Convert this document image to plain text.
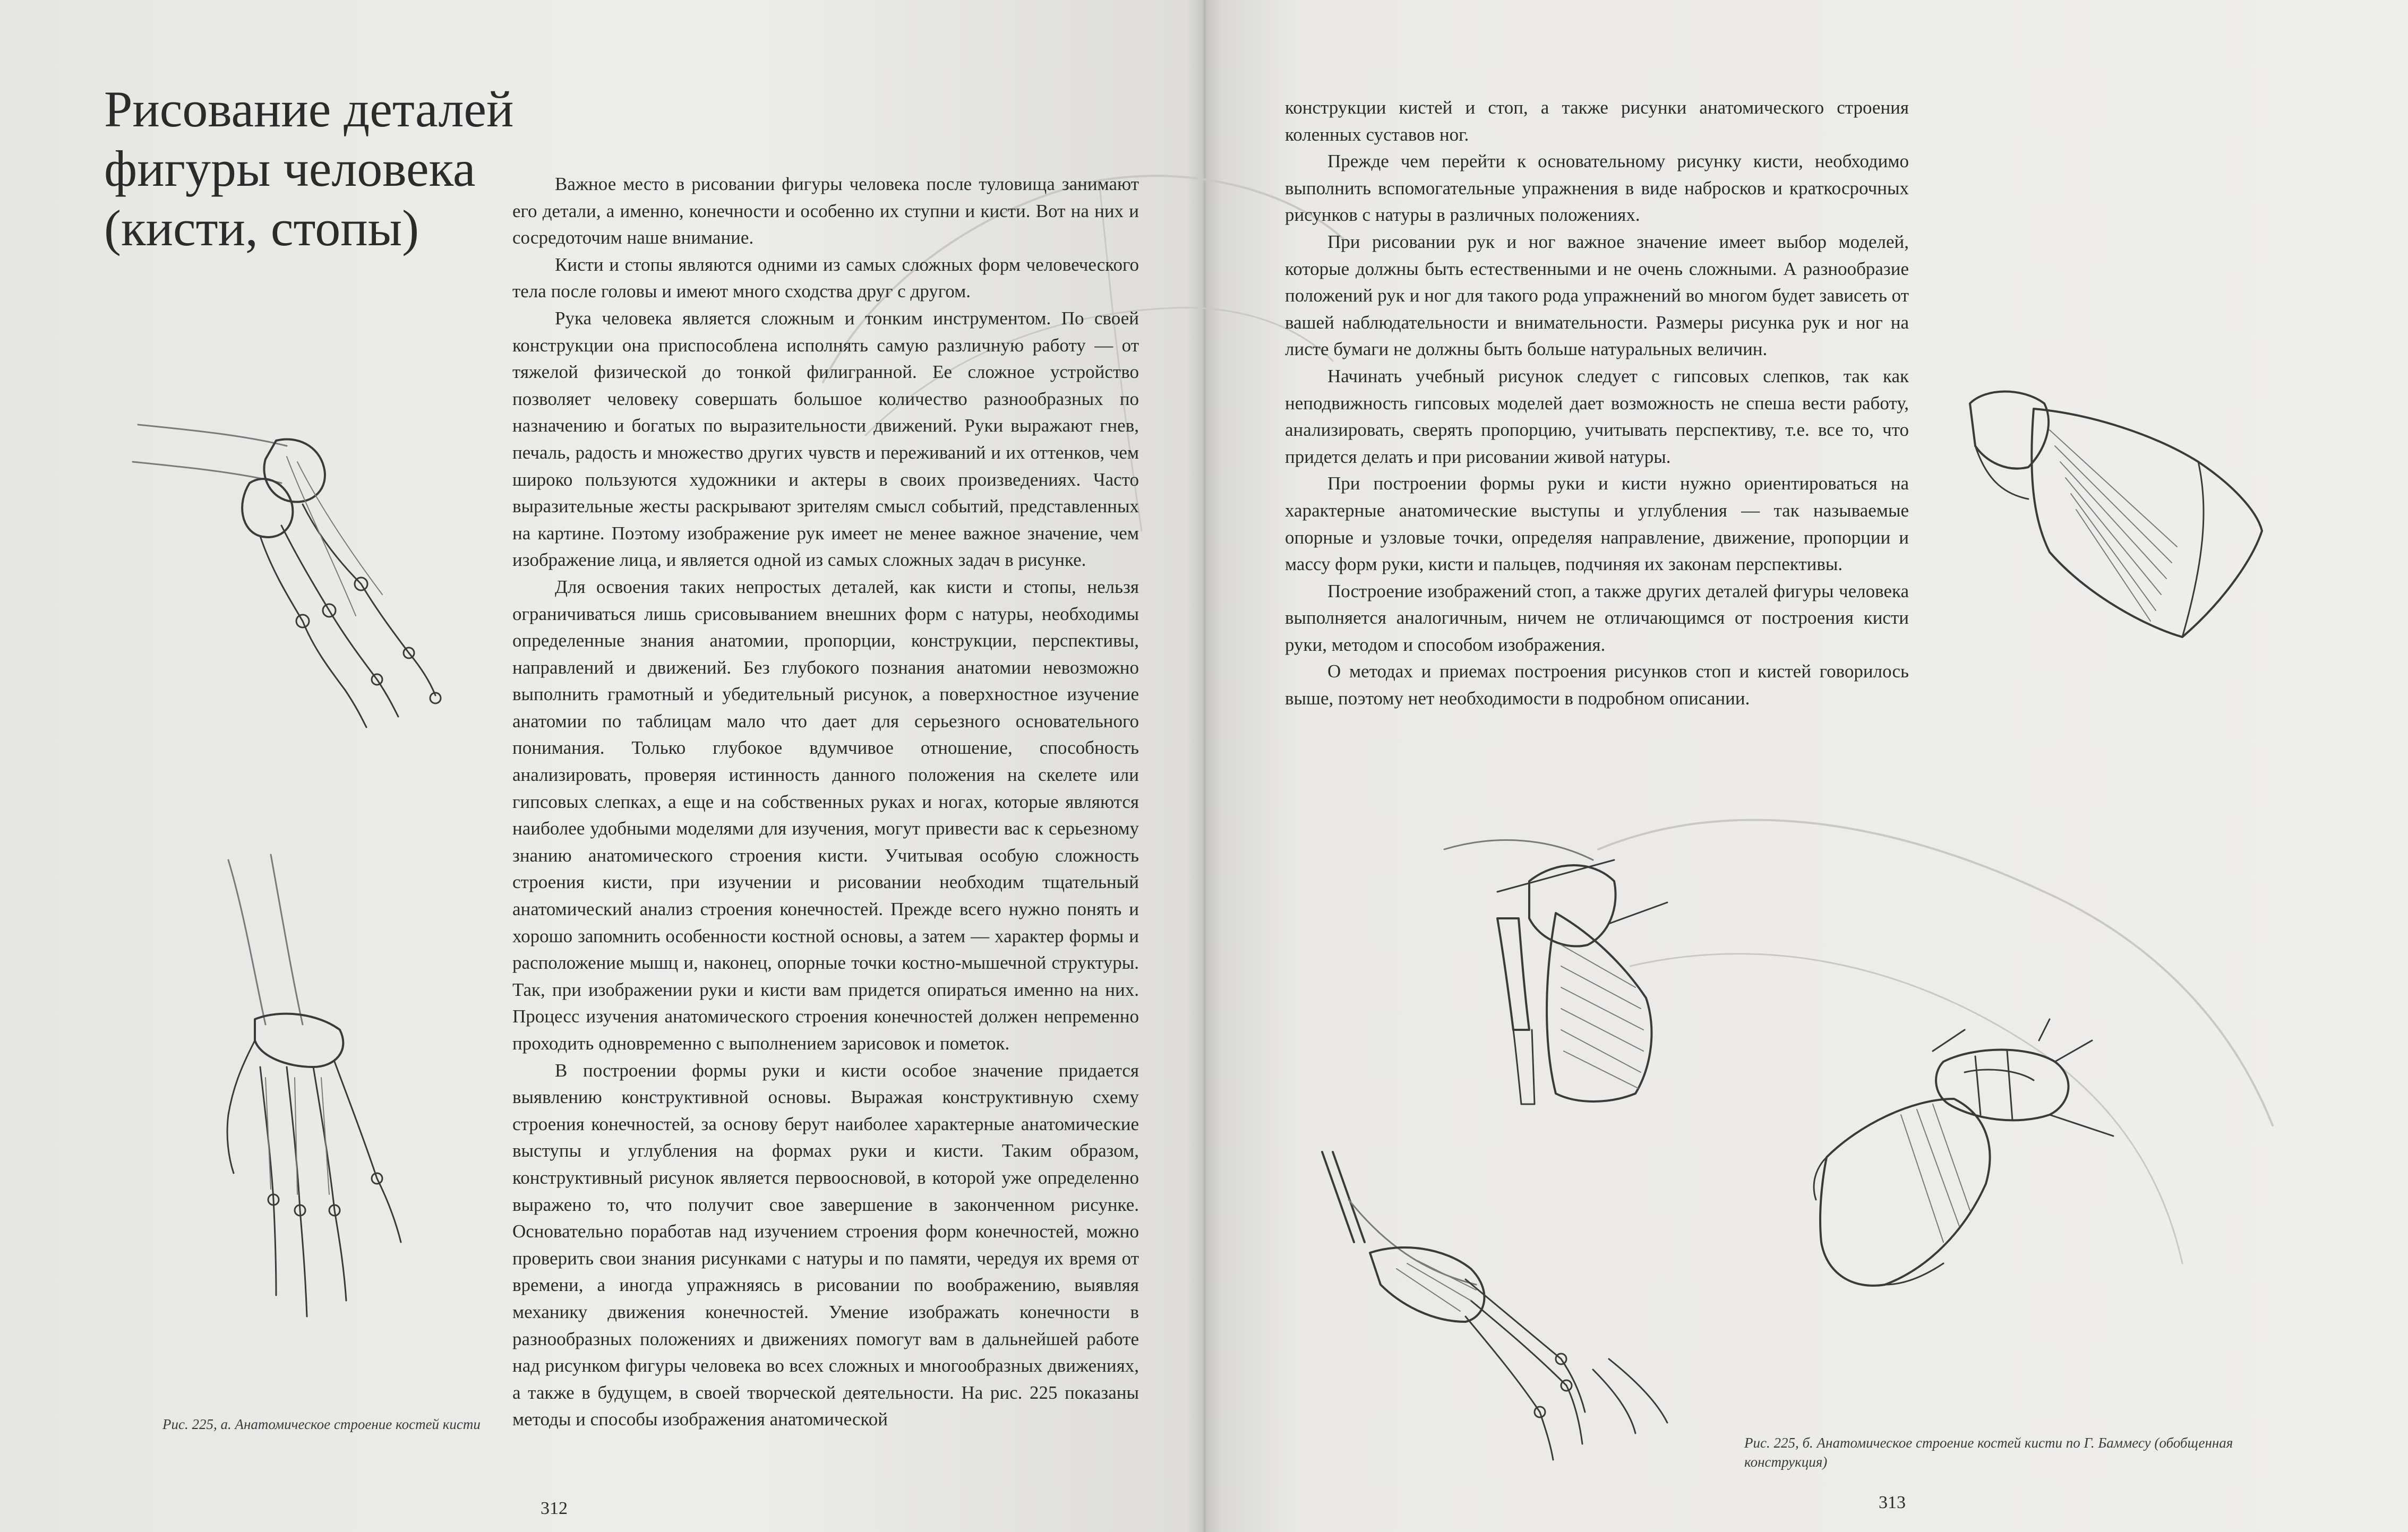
Рисование деталей
фигуры человека
(кисти, стопы)

Важное место в рисовании фигуры человека после туловища занимают его детали, а именно, конечности и особенно их ступни и кисти. Вот на них и сосредоточим наше внимание.

Кисти и стопы являются одними из самых сложных форм человеческого тела после головы и имеют много сходства друг с другом.

Рука человека является сложным и тонким инструментом. По своей конструкции она приспособлена исполнять самую различную работу — от тяжелой физической до тонкой филигранной. Ее сложное устройство позволяет человеку совершать большое количество разнообразных по назначению и богатых по выразительности движений. Руки выражают гнев, печаль, радость и множество других чувств и переживаний и их оттенков, чем широко пользуются художники и актеры в своих произведениях. Часто выразительные жесты раскрывают зрителям смысл событий, представленных на картине. Поэтому изображение рук имеет не менее важное значение, чем изображение лица, и является одной из самых сложных задач в рисунке.

Для освоения таких непростых деталей, как кисти и стопы, нельзя ограничиваться лишь срисовыванием внешних форм с натуры, необходимы определенные знания анатомии, пропорции, конструкции, перспективы, направлений и движений. Без глубокого познания анатомии невозможно выполнить грамотный и убедительный рисунок, а поверхностное изучение анатомии по таблицам мало что дает для серьезного основательного понимания. Только глубокое вдумчивое отношение, способность анализировать, проверяя истинность данного положения на скелете или гипсовых слепках, а еще и на собственных руках и ногах, которые являются наиболее удобными моделями для изучения, могут привести вас к серьезному знанию анатомического строения кисти. Учитывая особую сложность строения кисти, при изучении и рисовании необходим тщательный анатомический анализ строения конечностей. Прежде всего нужно понять и хорошо запомнить особенности костной основы, а затем — характер формы и расположение мышц и, наконец, опорные точки костно-мышечной структуры. Так, при изображении руки и кисти вам придется опираться именно на них. Процесс изучения анатомического строения конечностей должен непременно проходить одновременно с выполнением зарисовок и пометок.

В построении формы руки и кисти особое значение придается выявлению конструктивной основы. Выражая конструктивную схему строения конечностей, за основу берут наиболее характерные анатомические выступы и углубления на формах руки и кисти. Таким образом, конструктивный рисунок является первоосновой, в которой уже определенно выражено то, что получит свое завершение в законченном рисунке. Основательно поработав над изучением строения форм конечностей, можно проверить свои знания рисунками с натуры и по памяти, чередуя их время от времени, а иногда упражняясь в рисовании по воображению, выявляя механику движения конечностей. Умение изображать конечности в разнообразных положениях и движениях помогут вам в дальнейшей работе над рисунком фигуры человека во всех сложных и многообразных движениях, а также в будущем, в своей творческой деятельности. На рис. 225 показаны методы и способы изображения анатомической

Рис. 225, а. Анатомическое строение костей кисти
312

конструкции кистей и стоп, а также рисунки анатомического строения коленных суставов ног.

Прежде чем перейти к основательному рисунку кисти, необходимо выполнить вспомогательные упражнения в виде набросков и краткосрочных рисунков с натуры в различных положениях.

При рисовании рук и ног важное значение имеет выбор моделей, которые должны быть естественными и не очень сложными. А разнообразие положений рук и ног для такого рода упражнений во многом будет зависеть от вашей наблюдательности и внимательности. Размеры рисунка рук и ног на листе бумаги не должны быть больше натуральных величин.

Начинать учебный рисунок следует с гипсовых слепков, так как неподвижность гипсовых моделей дает возможность не спеша вести работу, анализировать, сверять пропорцию, учитывать перспективу, т.е. все то, что придется делать и при рисовании живой натуры.

При построении формы руки и кисти нужно ориентироваться на характерные анатомические выступы и углубления — так называемые опорные и узловые точки, определяя направление, движение, пропорции и массу форм руки, кисти и пальцев, подчиняя их законам перспективы.

Построение изображений стоп, а также других деталей фигуры человека выполняется аналогичным, ничем не отличающимся от построения кисти руки, методом и способом изображения.

О методах и приемах построения рисунков стоп и кистей говорилось выше, поэтому нет необходимости в подробном описании.

Рис. 225, б. Анатомическое строение костей кисти по Г. Баммесу (обобщенная конструкция)
313
